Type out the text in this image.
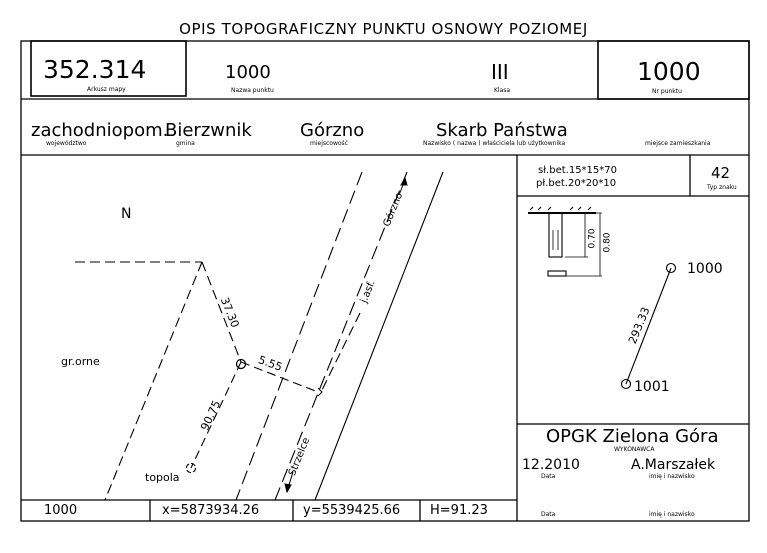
OPIS TOPOGRAFICZNY PUNKTU OSNOWY POZIOMEJ
352.314
Arkusz mapy
1000
Nazwa punktu
III
Klasa
1000
Nr punktu
zachodniopom.
województwo
Bierzwnik
gmina
Górzno
miejscowość
Skarb Państwa
Nazwisko ( nazwa ) właściciela lub użytkownika	miejsce zamieszkania
sł.bet.15*15*70
pł.bet.20*20*10
42
Typ znaku
0.70 0.80
1000
1001
293.33
N
gr.orne
topola
Górzno
Strzelce
j.asf.
37.30
5.55
90.75
OPGK Zielona Góra
WYKONAWCA
12.2010
Data
A.Marszałek
imię i nazwisko
Data	imię i nazwisko
1000	x=5873934.26	y=5539425.66 H=91.23
